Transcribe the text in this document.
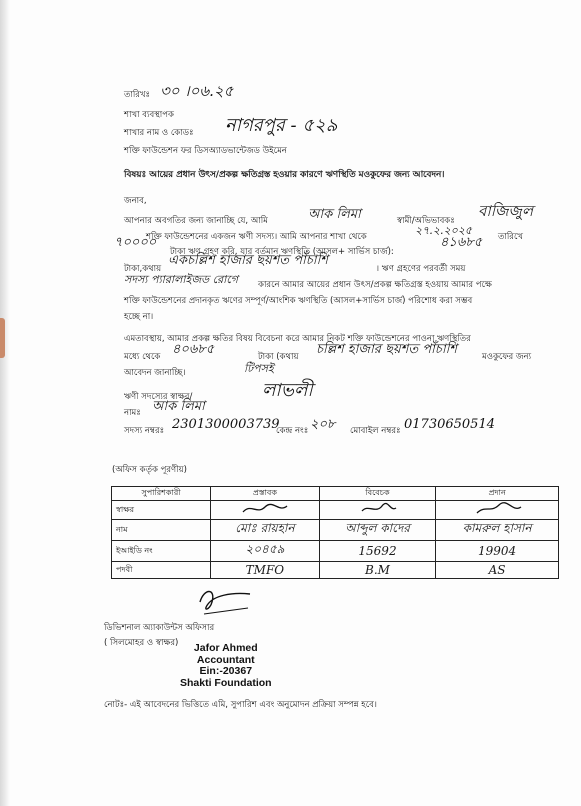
তারিখঃ ৩০ ।০৬.২৫
শাখা ব্যবস্থাপক
শাখার নাম ও কোডঃ নাগরপুর - ৫২৯
শক্তি ফাউন্ডেশন ফর ডিসঅ্যাডভান্টেজড উইমেন
বিষয়ঃ আয়ের প্রধান উৎস/প্রকল্প ক্ষতিগ্রস্ত হওয়ার কারণে ঋণস্থিতি মওকুফের জন্য আবেদন।
জনাব,
আপনার অবগতির জন্য জানাচ্ছি যে, আমি	আক লিমা	স্বামী/অভিভাবকঃ
বাজিজুল
শক্তি ফাউন্ডেশনের একজন ঋণী সদস্য। আমি আপনার শাখা থেকে	২৭.২.২০২৫	তারিখে
৭০০০০
টাকা ঋণ গ্রহণ করি, যার বর্তমান ঋণস্থিতি (আসল+ সার্ভিস চার্জ):
৪১৬৮৫
টাকা,কথায়
একচল্লিশ হাজার ছয়শত পাঁচাশি
। ঋণ গ্রহণের পরবর্তী সময়
সদস্য প্যারালাইজড রোগে কারনে আমার আয়ের প্রধান উৎস/প্রকল্প ক্ষতিগ্রস্ত হওয়ায় আমার পক্ষে
শক্তি ফাউন্ডেশনের প্রদানকৃত ঋণের সম্পূর্ণ/আংশিক ঋণস্থিতি (আসল+সার্ভিস চার্জ) পরিশোধ করা সম্ভব
হচ্ছে না।
এমতাবস্থায়, আমার প্রকল্প ক্ষতির বিষয় বিবেচনা করে আমার নিকট শক্তি ফাউন্ডেশনের পাওনা ঋণস্থিতির
মধ্যে থেকে ৪০৬৮৫	টাকা (কথায় চল্লিশ হাজার ছয়শত পাঁচাশি	মওকুফের জন্য
আবেদন জানাচ্ছি।	টিপসই
ঋণী সদস্যের স্বাক্ষর/	লাভলী
নামঃ আক লিমা
সদস্য নম্বরঃ 2301300003739
কেন্দ্র নংঃ ২০৮ মোবাইল নম্বরঃ 01730650514
(অফিস কর্তৃক পূরণীয়)
সুপারিশকারী	প্রস্তাবক	বিবেচক	প্রদান
স্বাক্ষর			
নাম	মোঃ রায়হান	আব্দুল কাদের	কামরুল হাসান
ইআইডি নং	২০৪৫৯	15692	19904
পদবী	TMFO	B.M	AS
ডিভিশনাল অ্যাকাউন্টস অফিসার
( সিলমোহর ও স্বাক্ষর)	Jafor Ahmed
Accountant
Ein:-20367
Shakti Foundation
নোটঃ- এই আবেদনের ভিত্তিতে এমি, সুপারিশ এবং অনুমোদন প্রক্রিয়া সম্পন্ন হবে।
